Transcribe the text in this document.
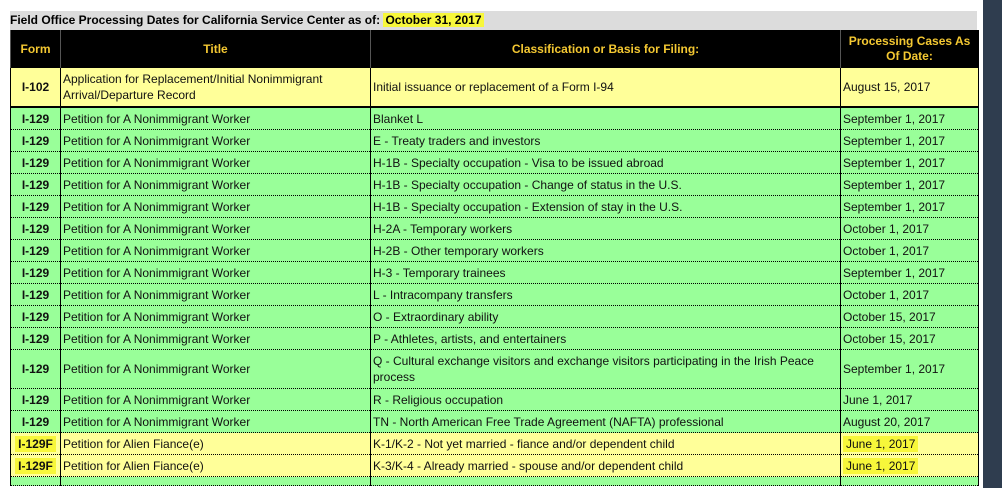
Field Office Processing Dates for California Service Center as of: October 31, 2017
Form	Title	Classification or Basis for Filing:	Processing Cases As Of Date:
I-102	Application for Replacement/Initial Nonimmigrant Arrival/Departure Record	Initial issuance or replacement of a Form I-94	August 15, 2017
I-129	Petition for A Nonimmigrant Worker	Blanket L	September 1, 2017
I-129	Petition for A Nonimmigrant Worker	E - Treaty traders and investors	September 1, 2017
I-129	Petition for A Nonimmigrant Worker	H-1B - Specialty occupation - Visa to be issued abroad	September 1, 2017
I-129	Petition for A Nonimmigrant Worker	H-1B - Specialty occupation - Change of status in the U.S.	September 1, 2017
I-129	Petition for A Nonimmigrant Worker	H-1B - Specialty occupation - Extension of stay in the U.S.	September 1, 2017
I-129	Petition for A Nonimmigrant Worker	H-2A - Temporary workers	October 1, 2017
I-129	Petition for A Nonimmigrant Worker	H-2B - Other temporary workers	October 1, 2017
I-129	Petition for A Nonimmigrant Worker	H-3 - Temporary trainees	September 1, 2017
I-129	Petition for A Nonimmigrant Worker	L - Intracompany transfers	October 1, 2017
I-129	Petition for A Nonimmigrant Worker	O - Extraordinary ability	October 15, 2017
I-129	Petition for A Nonimmigrant Worker	P - Athletes, artists, and entertainers	October 15, 2017
I-129	Petition for A Nonimmigrant Worker	Q - Cultural exchange visitors and exchange visitors participating in the Irish Peace process	September 1, 2017
I-129	Petition for A Nonimmigrant Worker	R - Religious occupation	June 1, 2017
I-129	Petition for A Nonimmigrant Worker	TN - North American Free Trade Agreement (NAFTA) professional	August 20, 2017
I-129F	Petition for Alien Fiance(e)	K-1/K-2 - Not yet married - fiance and/or dependent child	June 1, 2017
I-129F	Petition for Alien Fiance(e)	K-3/K-4 - Already married - spouse and/or dependent child	June 1, 2017
